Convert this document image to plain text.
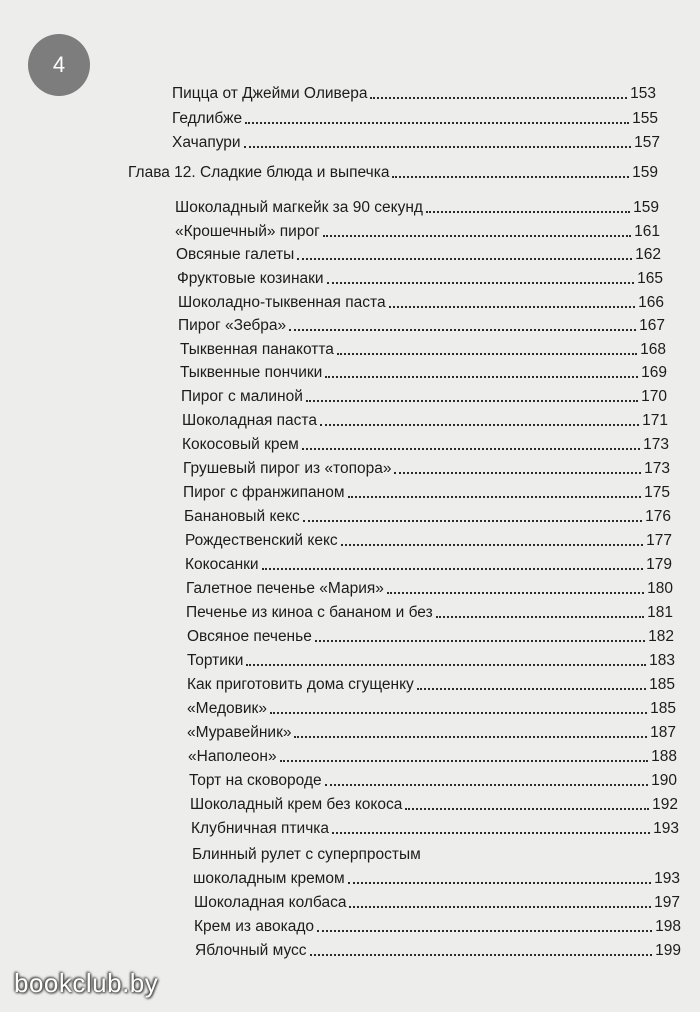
4
Пицца от Джейми Оливера	153
Гедлибже	155
Хачапури	157
Глава 12. Сладкие блюда и выпечка	159
Шоколадный магкейк за 90 секунд	159
«Крошечный» пирог	161
Овсяные галеты	162
Фруктовые козинаки	165
Шоколадно-тыквенная паста	166
Пирог «Зебра»	167
Тыквенная панакотта	168
Тыквенные пончики	169
Пирог с малиной	170
Шоколадная паста	171
Кокосовый крем	173
Грушевый пирог из «топора»	173
Пирог с франжипаном	175
Банановый кекс	176
Рождественский кекс	177
Кокосанки	179
Галетное печенье «Мария»	180
Печенье из киноа с бананом и без	181
Овсяное печенье	182
Тортики	183
Как приготовить дома сгущенку	185
«Медовик»	185
«Муравейник»	187
«Наполеон»	188
Торт на сковороде	190
Шоколадный крем без кокоса	192
Клубничная птичка	193
Блинный рулет с суперпростым
шоколадным кремом	193
Шоколадная колбаса	197
Крем из авокадо	198
Яблочный мусс	199
bookclub.by
